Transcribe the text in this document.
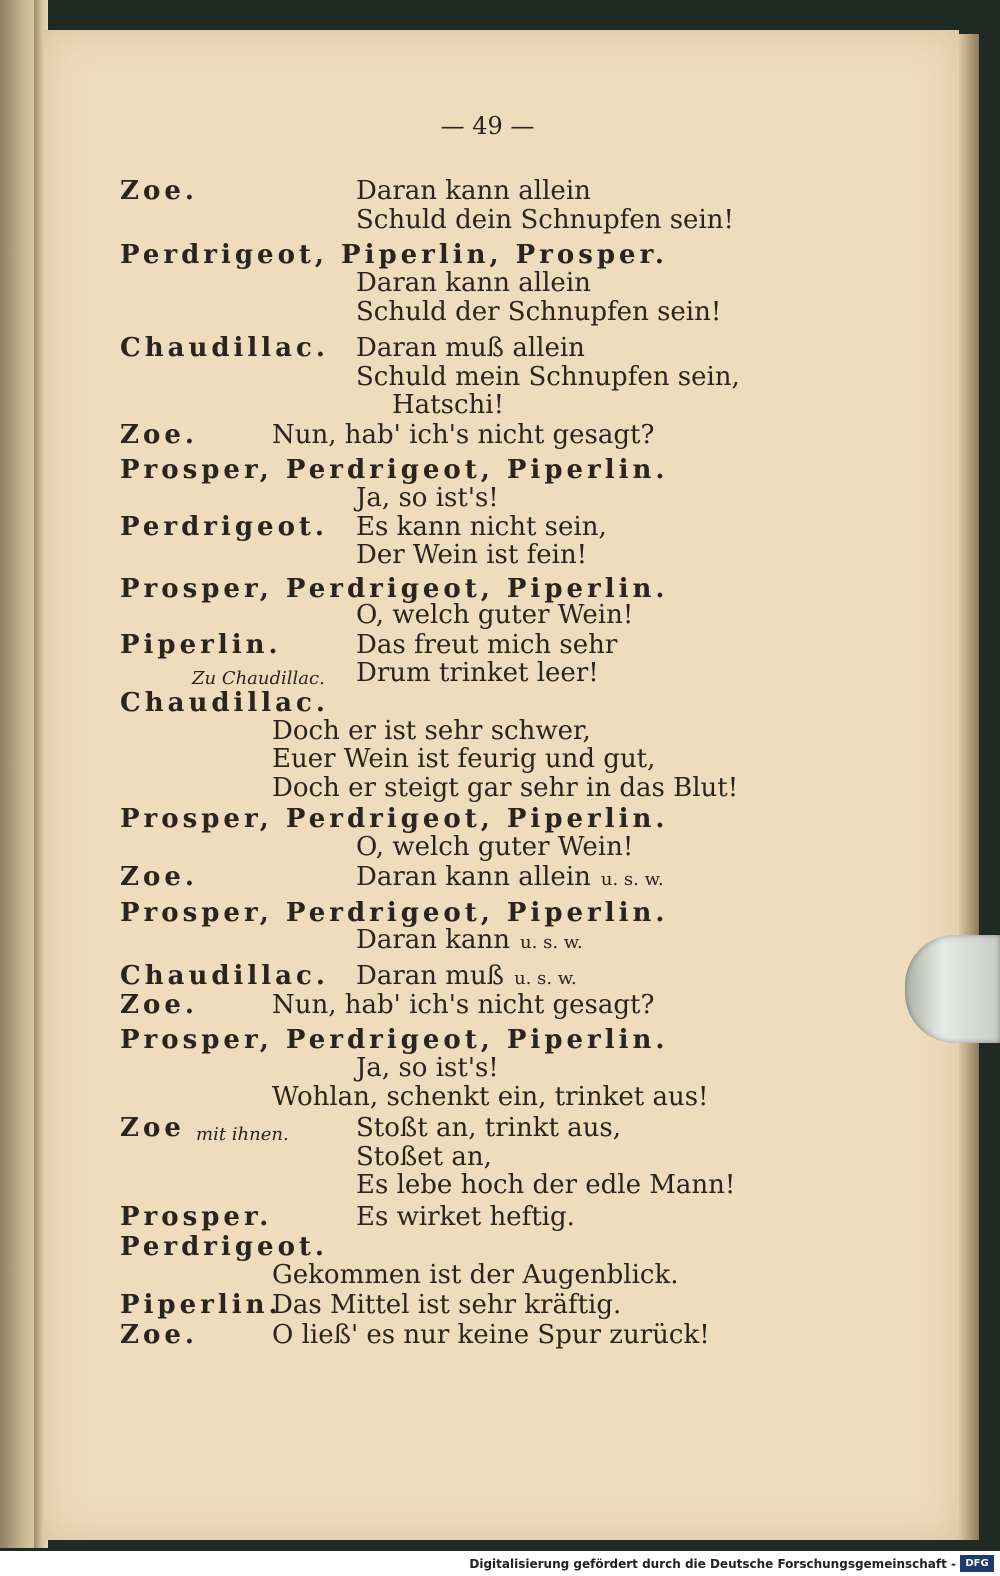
— 49 —
Zoe.	Daran kann allein
Schuld dein Schnupfen sein!
Perdrigeot, Piperlin, Prosper.
Daran kann allein
Schuld der Schnupfen sein!
Chaudillac. Daran muß allein
Schuld mein Schnupfen sein,
Hatschi!
Zoe.	Nun, hab' ich's nicht gesagt?
Prosper, Perdrigeot, Piperlin.
Ja, so ist's!
Perdrigeot. Es kann nicht sein,
Der Wein ist fein!
Prosper, Perdrigeot, Piperlin.
O, welch guter Wein!
Piperlin.	Das freut mich sehr
Zu Chaudillac. Drum trinket leer!
Chaudillac.
Doch er ist sehr schwer,
Euer Wein ist feurig und gut,
Doch er steigt gar sehr in das Blut!
Prosper, Perdrigeot, Piperlin.
O, welch guter Wein!
Zoe.	Daran kann allein u. s. w.
Prosper, Perdrigeot, Piperlin.
Daran kann u. s. w.
Chaudillac. Daran muß u. s. w.
Zoe.	Nun, hab' ich's nicht gesagt?
Prosper, Perdrigeot, Piperlin.
Ja, so ist's!
Wohlan, schenkt ein, trinket aus!
Zoe mit ihnen.	Stoßt an, trinkt aus,
Stoßet an,
Es lebe hoch der edle Mann!
Prosper.	Es wirket heftig.
Perdrigeot.
Gekommen ist der Augenblick.
Piperlin.
Das Mittel ist sehr kräftig.
Zoe.	O ließ' es nur keine Spur zurück!
Digitalisierung gefördert durch die Deutsche Forschungsgemeinschaft - DFG
